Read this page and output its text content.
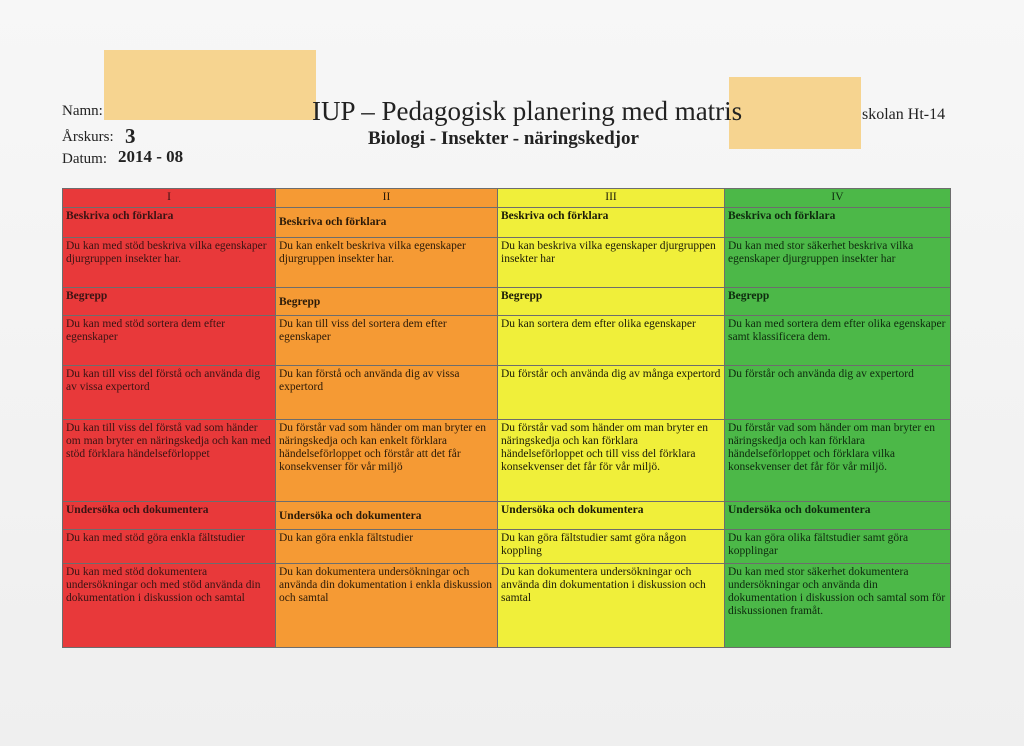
Namn:
Årskurs: 3
Datum: 2014 - 08
IUP – Pedagogisk planering med matris
Biologi - Insekter - näringskedjor
skolan Ht-14
I	II	III	IV
Beskriva och förklara	Beskriva och förklara	Beskriva och förklara	Beskriva och förklara
Du kan med stöd beskriva vilka egenskaper djurgruppen insekter har.	Du kan enkelt beskriva vilka egenskaper djurgruppen insekter har.	Du kan beskriva vilka egenskaper djurgruppen insekter har	Du kan med stor säkerhet beskriva vilka egenskaper djurgruppen insekter har
Begrepp	Begrepp	Begrepp	Begrepp
Du kan med stöd sortera dem efter egenskaper	Du kan till viss del sortera dem efter egenskaper	Du kan sortera dem efter olika egenskaper	Du kan med sortera dem efter olika egenskaper samt klassificera dem.
Du kan till viss del förstå och använda dig av vissa expertord	Du kan förstå och använda dig av vissa expertord	Du förstår och använda dig av många expertord	Du förstår och använda dig av expertord
Du kan till viss del förstå vad som händer om man bryter en näringskedja och kan med stöd förklara händelseförloppet	Du förstår vad som händer om man bryter en näringskedja och kan enkelt förklara händelseförloppet och förstår att det får konsekvenser för vår miljö	Du förstår vad som händer om man bryter en näringskedja och kan förklara händelseförloppet och till viss del förklara konsekvenser det får för vår miljö.	Du förstår vad som händer om man bryter en näringskedja och kan förklara händelseförloppet och förklara vilka konsekvenser det får för vår miljö.
Undersöka och dokumentera	Undersöka och dokumentera	Undersöka och dokumentera	Undersöka och dokumentera
Du kan med stöd göra enkla fältstudier	Du kan göra enkla fältstudier	Du kan göra fältstudier samt göra någon koppling	Du kan göra olika fältstudier samt göra kopplingar
Du kan med stöd dokumentera undersökningar och med stöd använda din dokumentation i diskussion och samtal	Du kan dokumentera undersökningar och använda din dokumentation i enkla diskussion och samtal	Du kan dokumentera undersökningar och använda din dokumentation i diskussion och samtal	Du kan med stor säkerhet dokumentera undersökningar och använda din dokumentation i diskussion och samtal som för diskussionen framåt.
